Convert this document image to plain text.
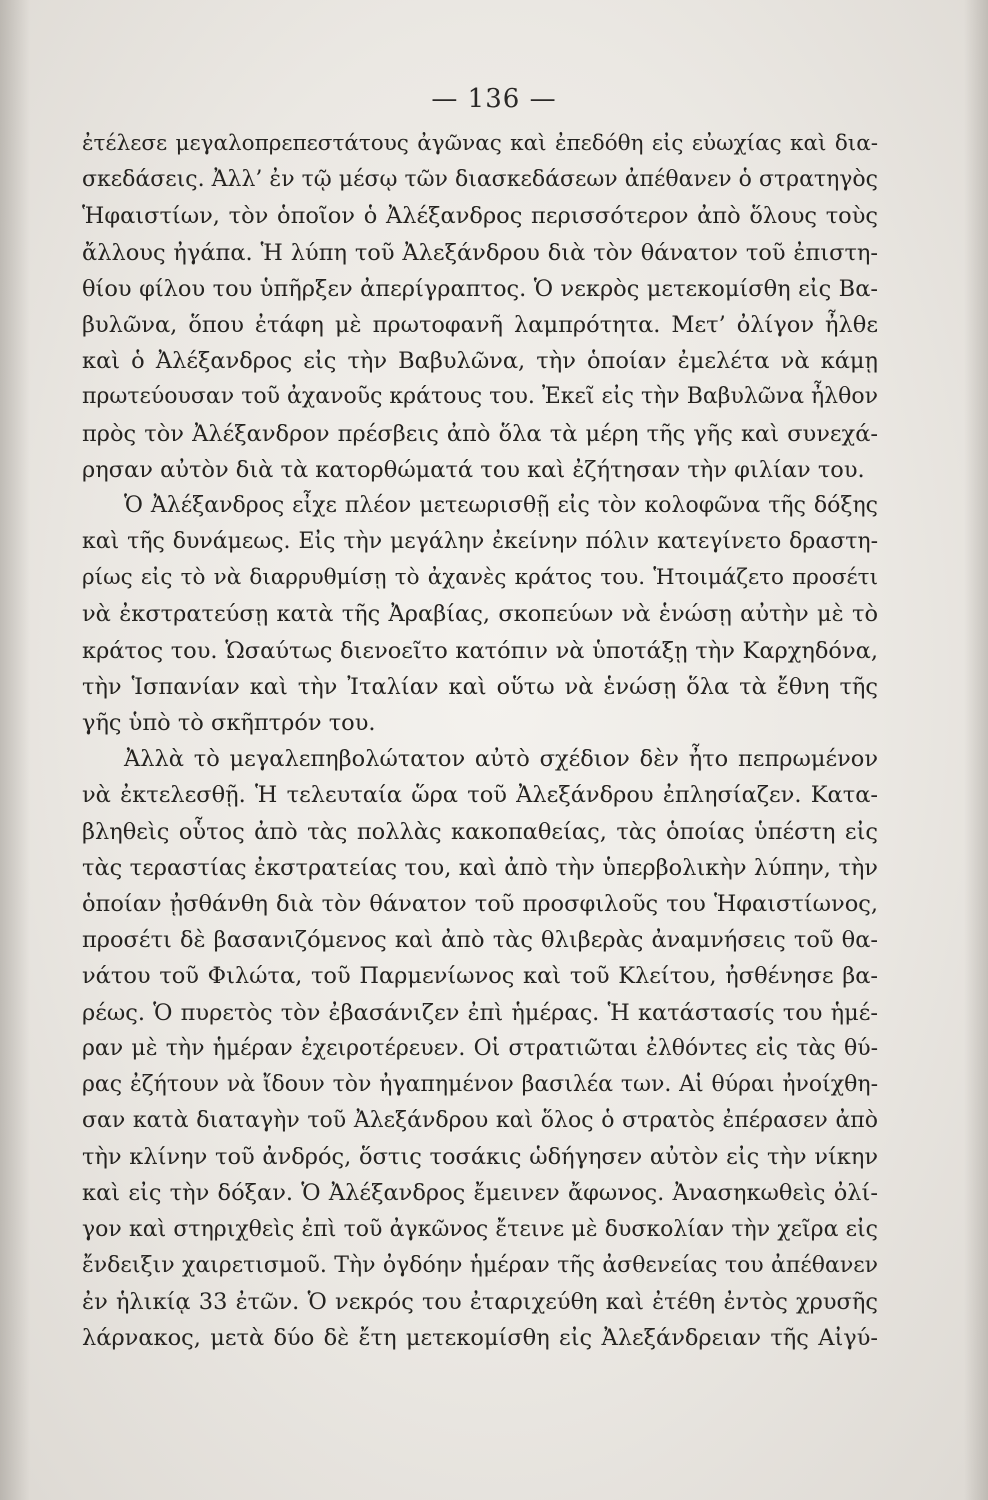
— 136 —
ἐτέλεσε μεγαλοπρεπεστάτους ἀγῶνας καὶ ἐπεδόθη εἰς εὐωχίας καὶ δια-
σκεδάσεις. Ἀλλ’ ἐν τῷ μέσῳ τῶν διασκεδάσεων ἀπέθανεν ὁ στρατηγὸς
Ἡφαιστίων, τὸν ὁποῖον ὁ Ἀλέξανδρος περισσότερον ἀπὸ ὅλους τοὺς
ἄλλους ἠγάπα. Ἡ λύπη τοῦ Ἀλεξάνδρου διὰ τὸν θάνατον τοῦ ἐπιστη-
θίου φίλου του ὑπῆρξεν ἀπερίγραπτος. Ὁ νεκρὸς μετεκομίσθη εἰς Βα-
βυλῶνα, ὅπου ἐτάφη μὲ πρωτοφανῆ λαμπρότητα. Μετ’ ὀλίγον ἦλθε
καὶ ὁ Ἀλέξανδρος εἰς τὴν Βαβυλῶνα, τὴν ὁποίαν ἐμελέτα νὰ κάμῃ
πρωτεύουσαν τοῦ ἀχανοῦς κράτους του. Ἐκεῖ εἰς τὴν Βαβυλῶνα ἦλθον
πρὸς τὸν Ἀλέξανδρον πρέσβεις ἀπὸ ὅλα τὰ μέρη τῆς γῆς καὶ συνεχά-
ρησαν αὐτὸν διὰ τὰ κατορθώματά του καὶ ἐζήτησαν τὴν φιλίαν του.
Ὁ Ἀλέξανδρος εἶχε πλέον μετεωρισθῇ εἰς τὸν κολοφῶνα τῆς δόξης
καὶ τῆς δυνάμεως. Εἰς τὴν μεγάλην ἐκείνην πόλιν κατεγίνετο δραστη-
ρίως εἰς τὸ νὰ διαρρυθμίσῃ τὸ ἀχανὲς κράτος του. Ἡτοιμάζετο προσέτι
νὰ ἐκστρατεύσῃ κατὰ τῆς Ἀραβίας, σκοπεύων νὰ ἑνώσῃ αὐτὴν μὲ τὸ
κράτος του. Ὡσαύτως διενοεῖτο κατόπιν νὰ ὑποτάξῃ τὴν Καρχηδόνα,
τὴν Ἱσπανίαν καὶ τὴν Ἰταλίαν καὶ οὕτω νὰ ἑνώσῃ ὅλα τὰ ἔθνη τῆς
γῆς ὑπὸ τὸ σκῆπτρόν του.
Ἀλλὰ τὸ μεγαλεπηβολώτατον αὐτὸ σχέδιον δὲν ἦτο πεπρωμένον
νὰ ἐκτελεσθῇ. Ἡ τελευταία ὥρα τοῦ Ἀλεξάνδρου ἐπλησίαζεν. Κατα-
βληθεὶς οὗτος ἀπὸ τὰς πολλὰς κακοπαθείας, τὰς ὁποίας ὑπέστη εἰς
τὰς τεραστίας ἐκστρατείας του, καὶ ἀπὸ τὴν ὑπερβολικὴν λύπην, τὴν
ὁποίαν ᾐσθάνθη διὰ τὸν θάνατον τοῦ προσφιλοῦς του Ἡφαιστίωνος,
προσέτι δὲ βασανιζόμενος καὶ ἀπὸ τὰς θλιβερὰς ἀναμνήσεις τοῦ θα-
νάτου τοῦ Φιλώτα, τοῦ Παρμενίωνος καὶ τοῦ Κλείτου, ἠσθένησε βα-
ρέως. Ὁ πυρετὸς τὸν ἐβασάνιζεν ἐπὶ ἡμέρας. Ἡ κατάστασίς του ἡμέ-
ραν μὲ τὴν ἡμέραν ἐχειροτέρευεν. Οἱ στρατιῶται ἐλθόντες εἰς τὰς θύ-
ρας ἐζήτουν νὰ ἴδουν τὸν ἠγαπημένον βασιλέα των. Αἱ θύραι ἠνοίχθη-
σαν κατὰ διαταγὴν τοῦ Ἀλεξάνδρου καὶ ὅλος ὁ στρατὸς ἐπέρασεν ἀπὸ
τὴν κλίνην τοῦ ἀνδρός, ὅστις τοσάκις ὡδήγησεν αὐτὸν εἰς τὴν νίκην
καὶ εἰς τὴν δόξαν. Ὁ Ἀλέξανδρος ἔμεινεν ἄφωνος. Ἀνασηκωθεὶς ὀλί-
γον καὶ στηριχθεὶς ἐπὶ τοῦ ἀγκῶνος ἔτεινε μὲ δυσκολίαν τὴν χεῖρα εἰς
ἔνδειξιν χαιρετισμοῦ. Τὴν ὀγδόην ἡμέραν τῆς ἀσθενείας του ἀπέθανεν
ἐν ἡλικίᾳ 33 ἐτῶν. Ὁ νεκρός του ἐταριχεύθη καὶ ἐτέθη ἐντὸς χρυσῆς
λάρνακος, μετὰ δύο δὲ ἔτη μετεκομίσθη εἰς Ἀλεξάνδρειαν τῆς Αἰγύ-
